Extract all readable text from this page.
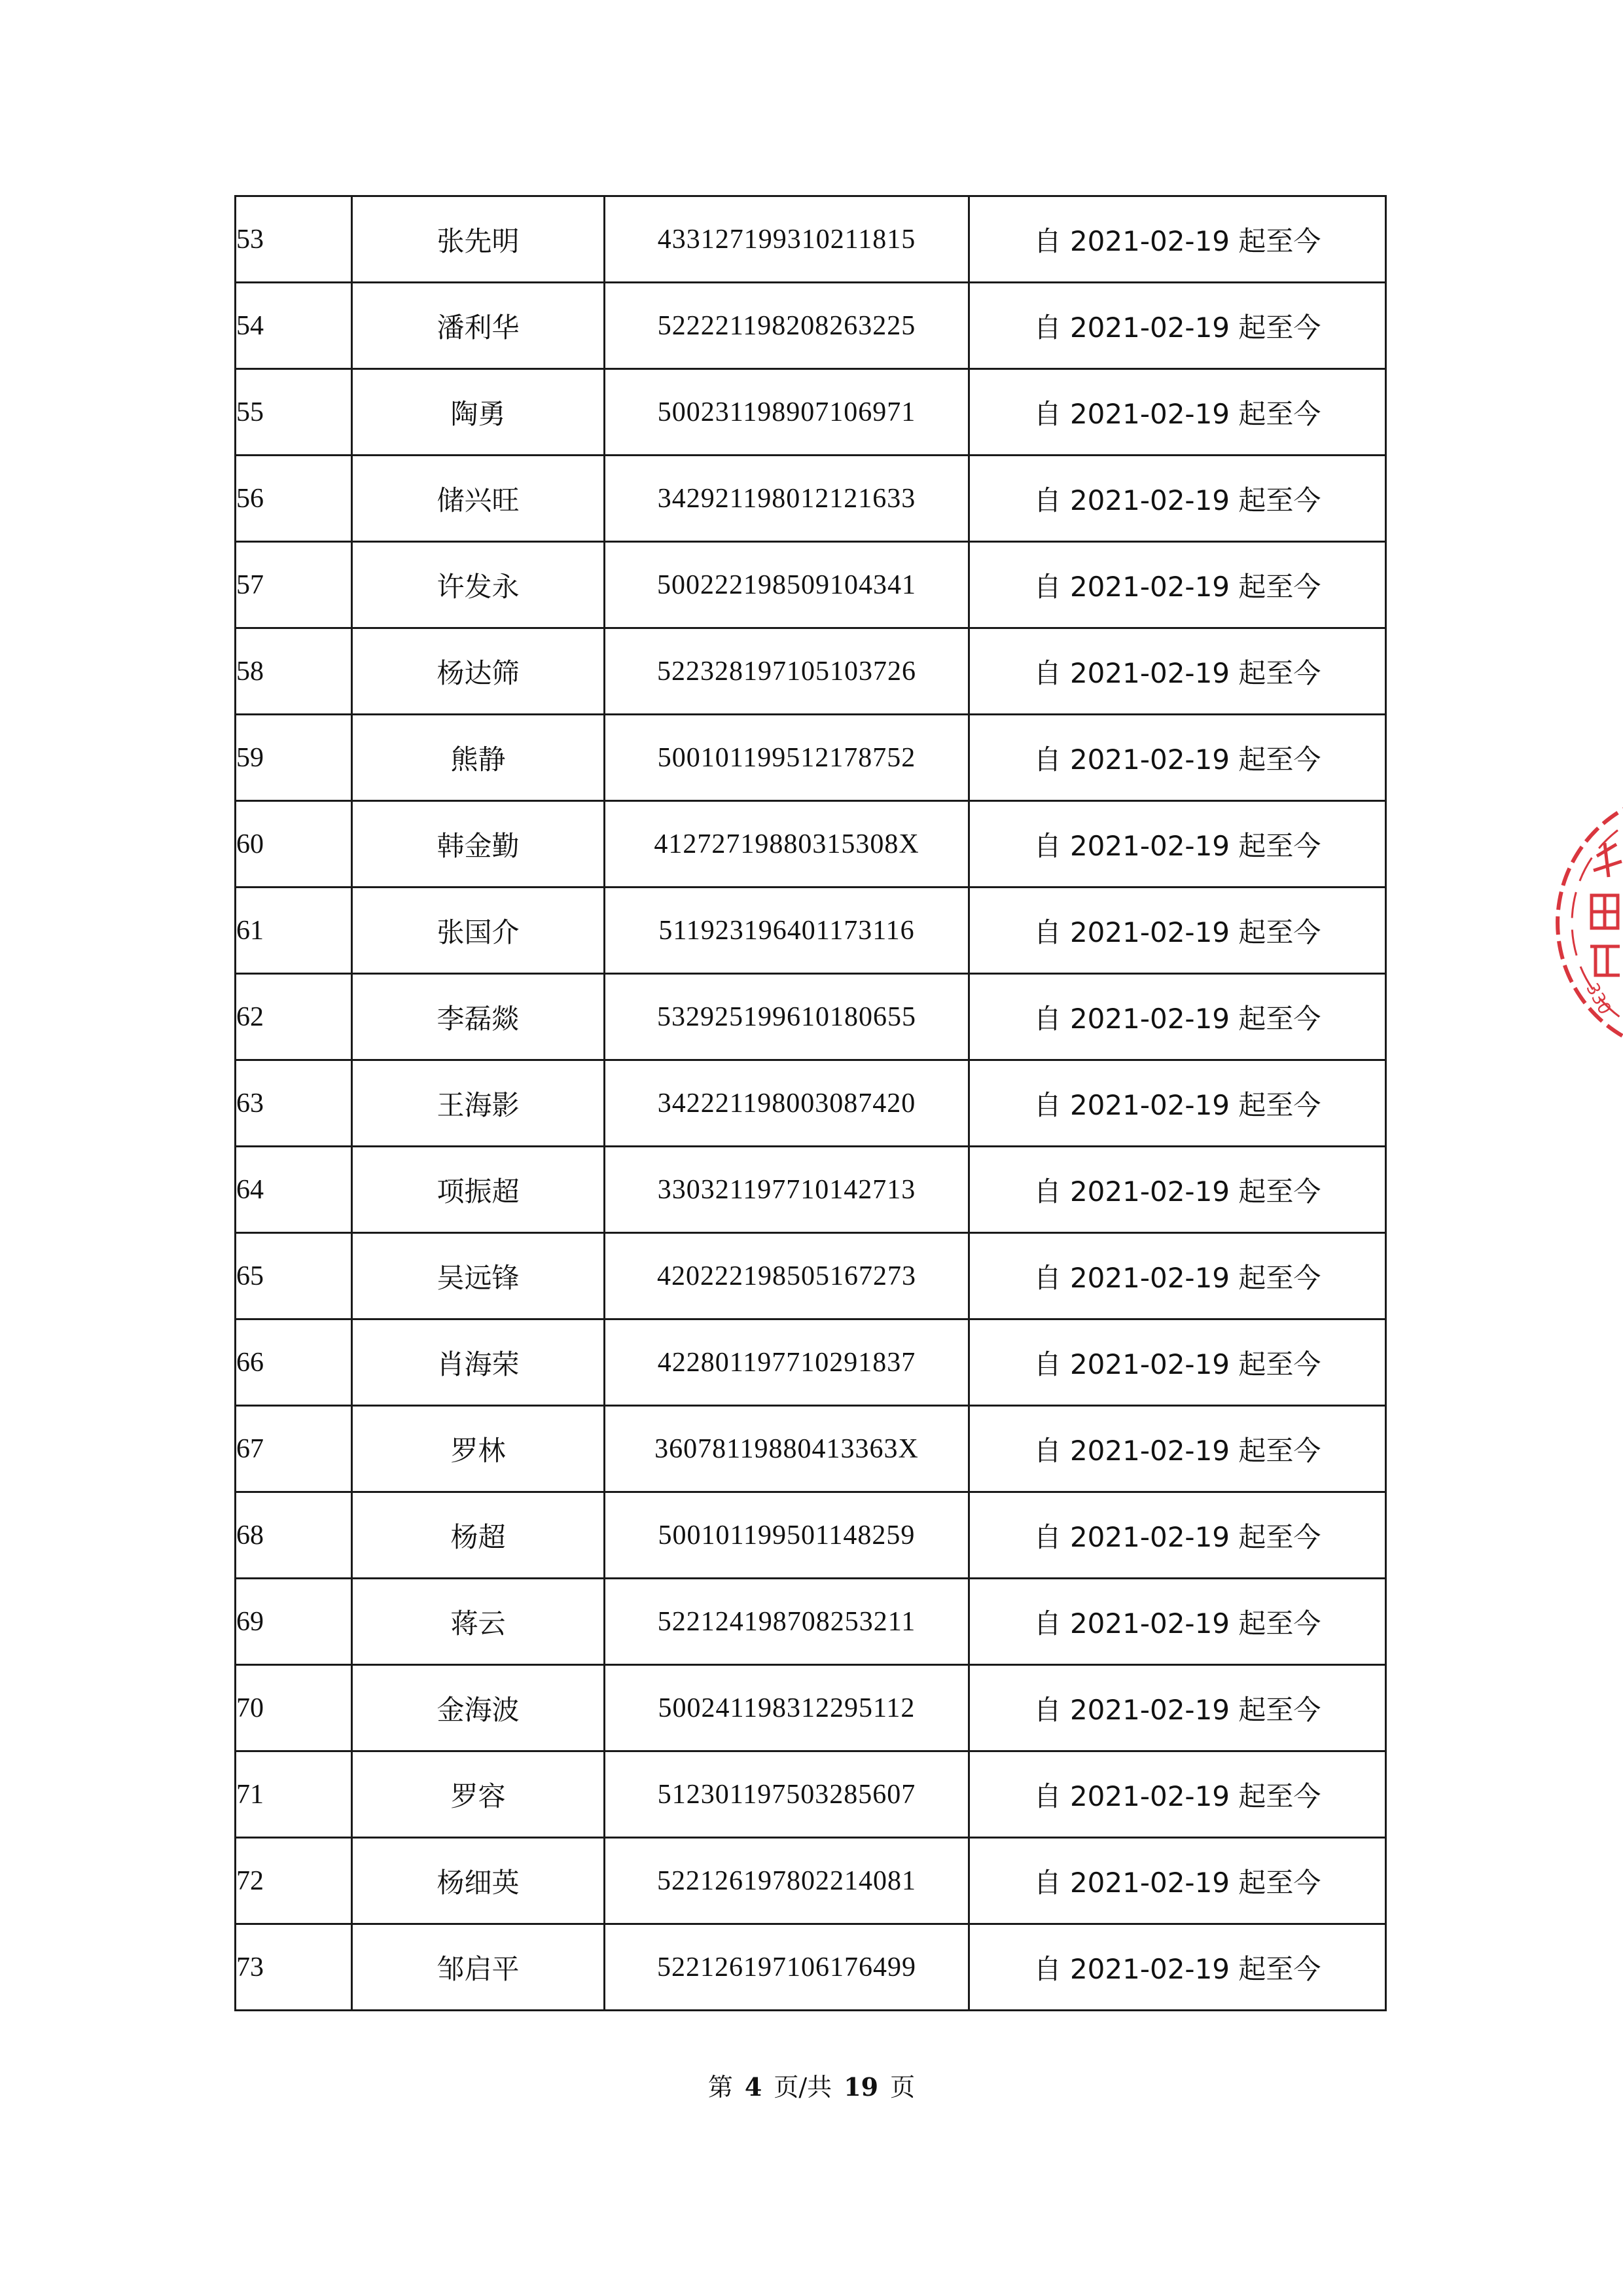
53	张先明	433127199310211815	自 2021-02-19 起至今
54	潘利华	522221198208263225	自 2021-02-19 起至今
55	陶勇	500231198907106971	自 2021-02-19 起至今
56	储兴旺	342921198012121633	自 2021-02-19 起至今
57	许发永	500222198509104341	自 2021-02-19 起至今
58	杨达筛	522328197105103726	自 2021-02-19 起至今
59	熊静	500101199512178752	自 2021-02-19 起至今
60	韩金勤	41272719880315308X	自 2021-02-19 起至今
61	张国介	511923196401173116	自 2021-02-19 起至今
62	李磊燚	532925199610180655	自 2021-02-19 起至今
63	王海影	342221198003087420	自 2021-02-19 起至今
64	项振超	330321197710142713	自 2021-02-19 起至今
65	吴远锋	420222198505167273	自 2021-02-19 起至今
66	肖海荣	422801197710291837	自 2021-02-19 起至今
67	罗林	36078119880413363X	自 2021-02-19 起至今
68	杨超	500101199501148259	自 2021-02-19 起至今
69	蒋云	522124198708253211	自 2021-02-19 起至今
70	金海波	500241198312295112	自 2021-02-19 起至今
71	罗容	512301197503285607	自 2021-02-19 起至今
72	杨细英	522126197802214081	自 2021-02-19 起至今
73	邹启平	522126197106176499	自 2021-02-19 起至今
第 4 页/共 19 页
330
